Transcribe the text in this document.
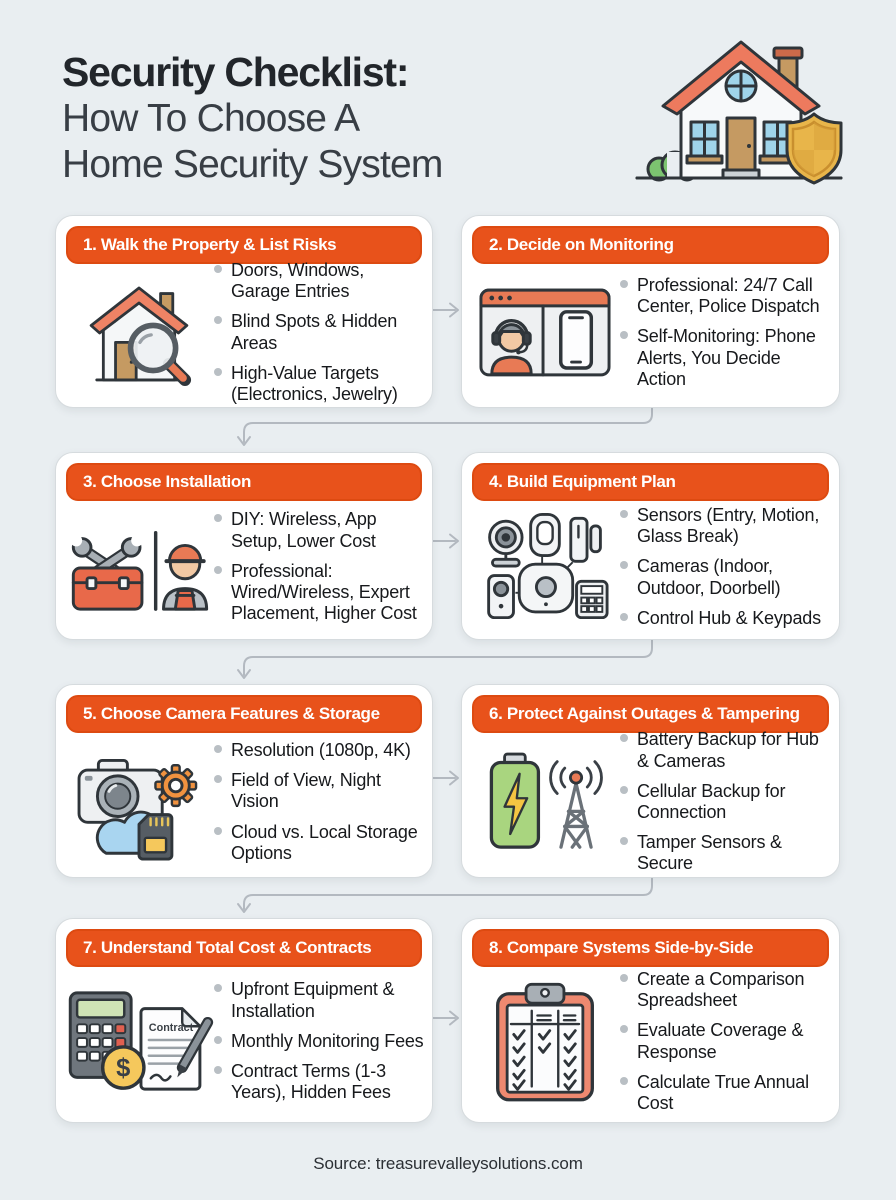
Security Checklist:
How To Choose A
Home Security System
1. Walk the Property & List Risks
Doors, Windows, Garage Entries
Blind Spots & Hidden Areas
High-Value Targets (Electronics, Jewelry)
2. Decide on Monitoring
Professional: 24/7 Call Center, Police Dispatch
Self-Monitoring: Phone Alerts, You Decide Action
3. Choose Installation
DIY: Wireless, App Setup, Lower Cost
Professional: Wired/Wireless, Expert Placement, Higher Cost
4. Build Equipment Plan
Sensors (Entry, Motion, Glass Break)
Cameras (Indoor, Outdoor, Doorbell)
Control Hub & Keypads
5. Choose Camera Features & Storage
Resolution (1080p, 4K)
Field of View, Night Vision
Cloud vs. Local Storage Options
6. Protect Against Outages & Tampering
Battery Backup for Hub & Cameras
Cellular Backup for Connection
Tamper Sensors & Secure
7. Understand Total Cost & Contracts
Contract
$
Upfront Equipment & Installation
Monthly Monitoring Fees
Contract Terms (1-3 Years), Hidden Fees
8. Compare Systems Side-by-Side
Create a Comparison Spreadsheet
Evaluate Coverage & Response
Calculate True Annual Cost
Source: treasurevalleysolutions.com
